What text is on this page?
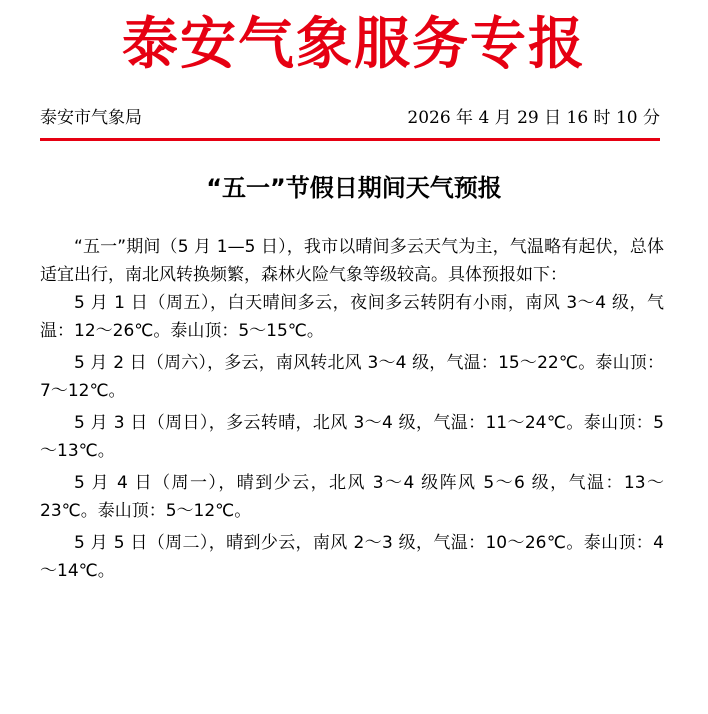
泰安气象服务专报
泰安市气象局	2026 年 4 月 29 日 16 时 10 分
“五一”节假日期间天气预报

“五一”期间（5 月 1—5 日），我市以晴间多云天气为主，气温略有起伏，总体适宜出行，南北风转换频繁，森林火险气象等级较高。具体预报如下：

5 月 1 日（周五），白天晴间多云，夜间多云转阴有小雨，南风 3～4 级，气温：12～26℃。泰山顶：5～15℃。

5 月 2 日（周六），多云，南风转北风 3～4 级，气温：15～22℃。泰山顶：7～12℃。

5 月 3 日（周日），多云转晴，北风 3～4 级，气温：11～24℃。泰山顶：5～13℃。

5 月 4 日（周一），晴到少云，北风 3～4 级阵风 5～6 级，气温：13～23℃。泰山顶：5～12℃。

5 月 5 日（周二），晴到少云，南风 2～3 级，气温：10～26℃。泰山顶：4～14℃。
